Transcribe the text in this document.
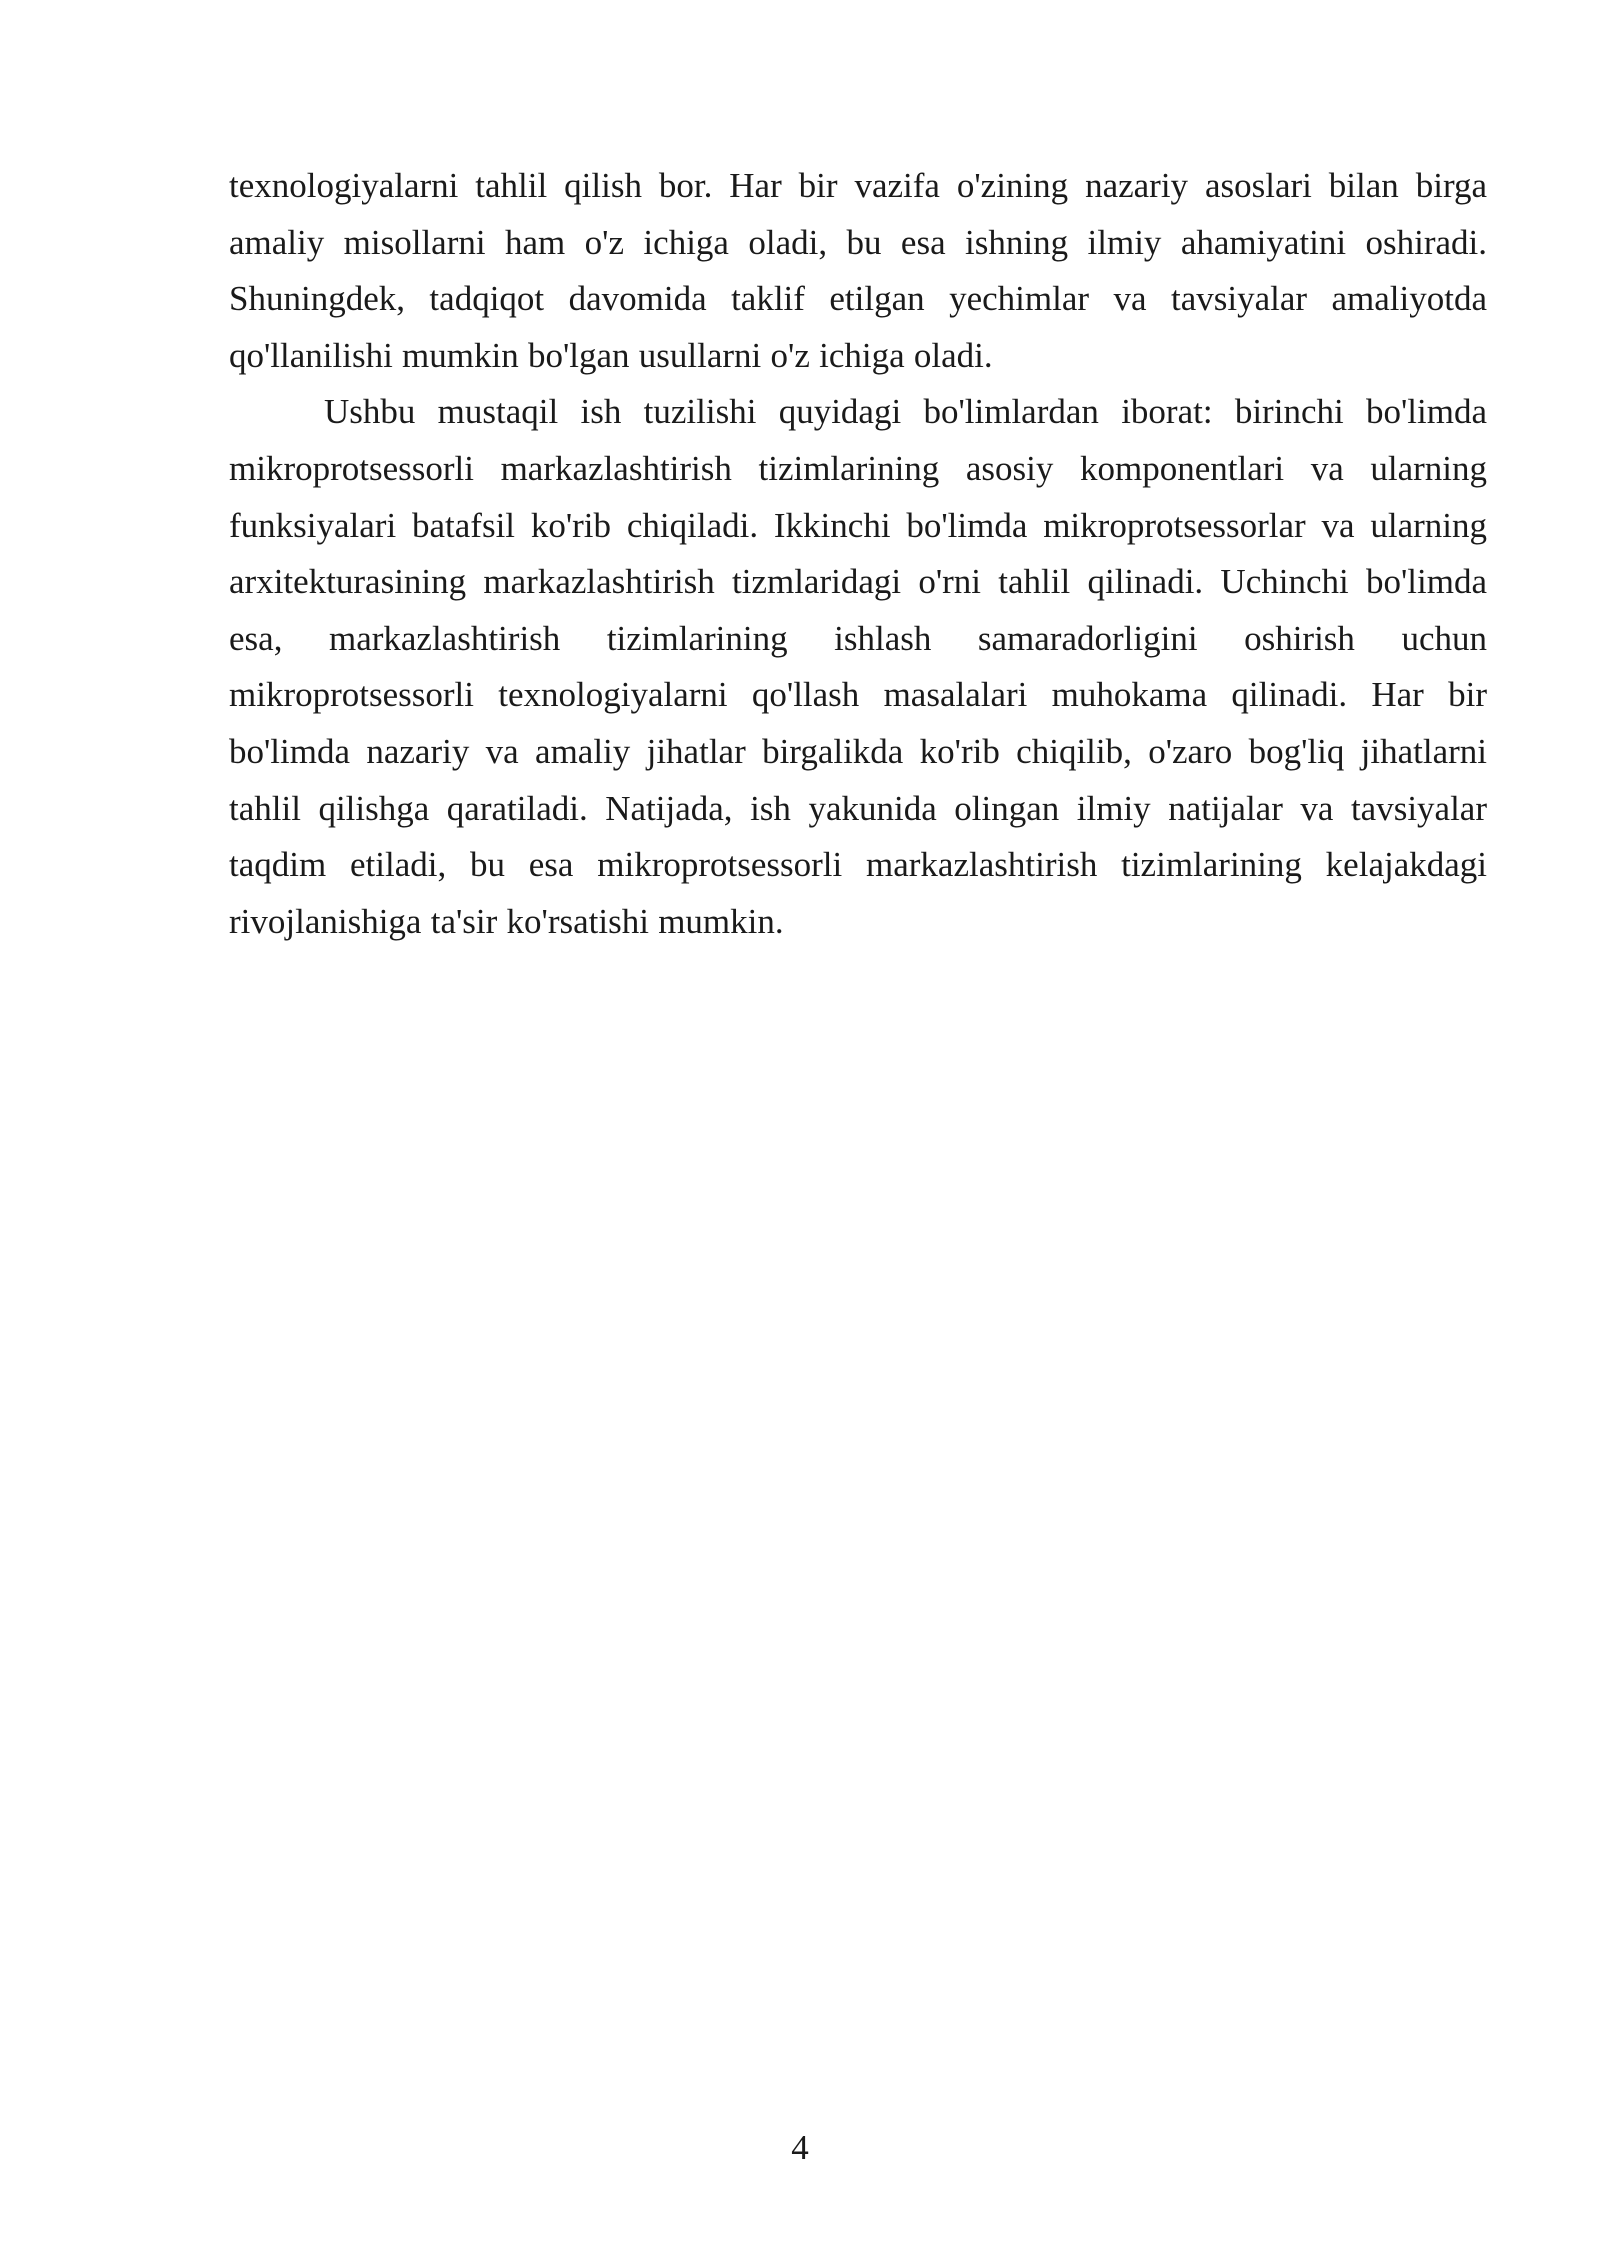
texnologiyalarni tahlil qilish bor. Har bir vazifa o'zining nazariy asoslari bilan birga amaliy misollarni ham o'z ichiga oladi, bu esa ishning ilmiy ahamiyatini oshiradi. Shuningdek, tadqiqot davomida taklif etilgan yechimlar va tavsiyalar amaliyotda qo'llanilishi mumkin bo'lgan usullarni o'z ichiga oladi.

Ushbu mustaqil ish tuzilishi quyidagi bo'limlardan iborat: birinchi bo'limda mikroprotsessorli markazlashtirish tizimlarining asosiy komponentlari va ularning funksiyalari batafsil ko'rib chiqiladi. Ikkinchi bo'limda mikroprotsessorlar va ularning arxitekturasining markazlashtirish tizmlaridagi o'rni tahlil qilinadi. Uchinchi bo'limda esa, markazlashtirish tizimlarining ishlash samaradorligini oshirish uchun mikroprotsessorli texnologiyalarni qo'llash masalalari muhokama qilinadi. Har bir bo'limda nazariy va amaliy jihatlar birgalikda ko'rib chiqilib, o'zaro bog'liq jihatlarni tahlil qilishga qaratiladi. Natijada, ish yakunida olingan ilmiy natijalar va tavsiyalar taqdim etiladi, bu esa mikroprotsessorli markazlashtirish tizimlarining kelajakdagi rivojlanishiga ta'sir ko'rsatishi mumkin.

4
